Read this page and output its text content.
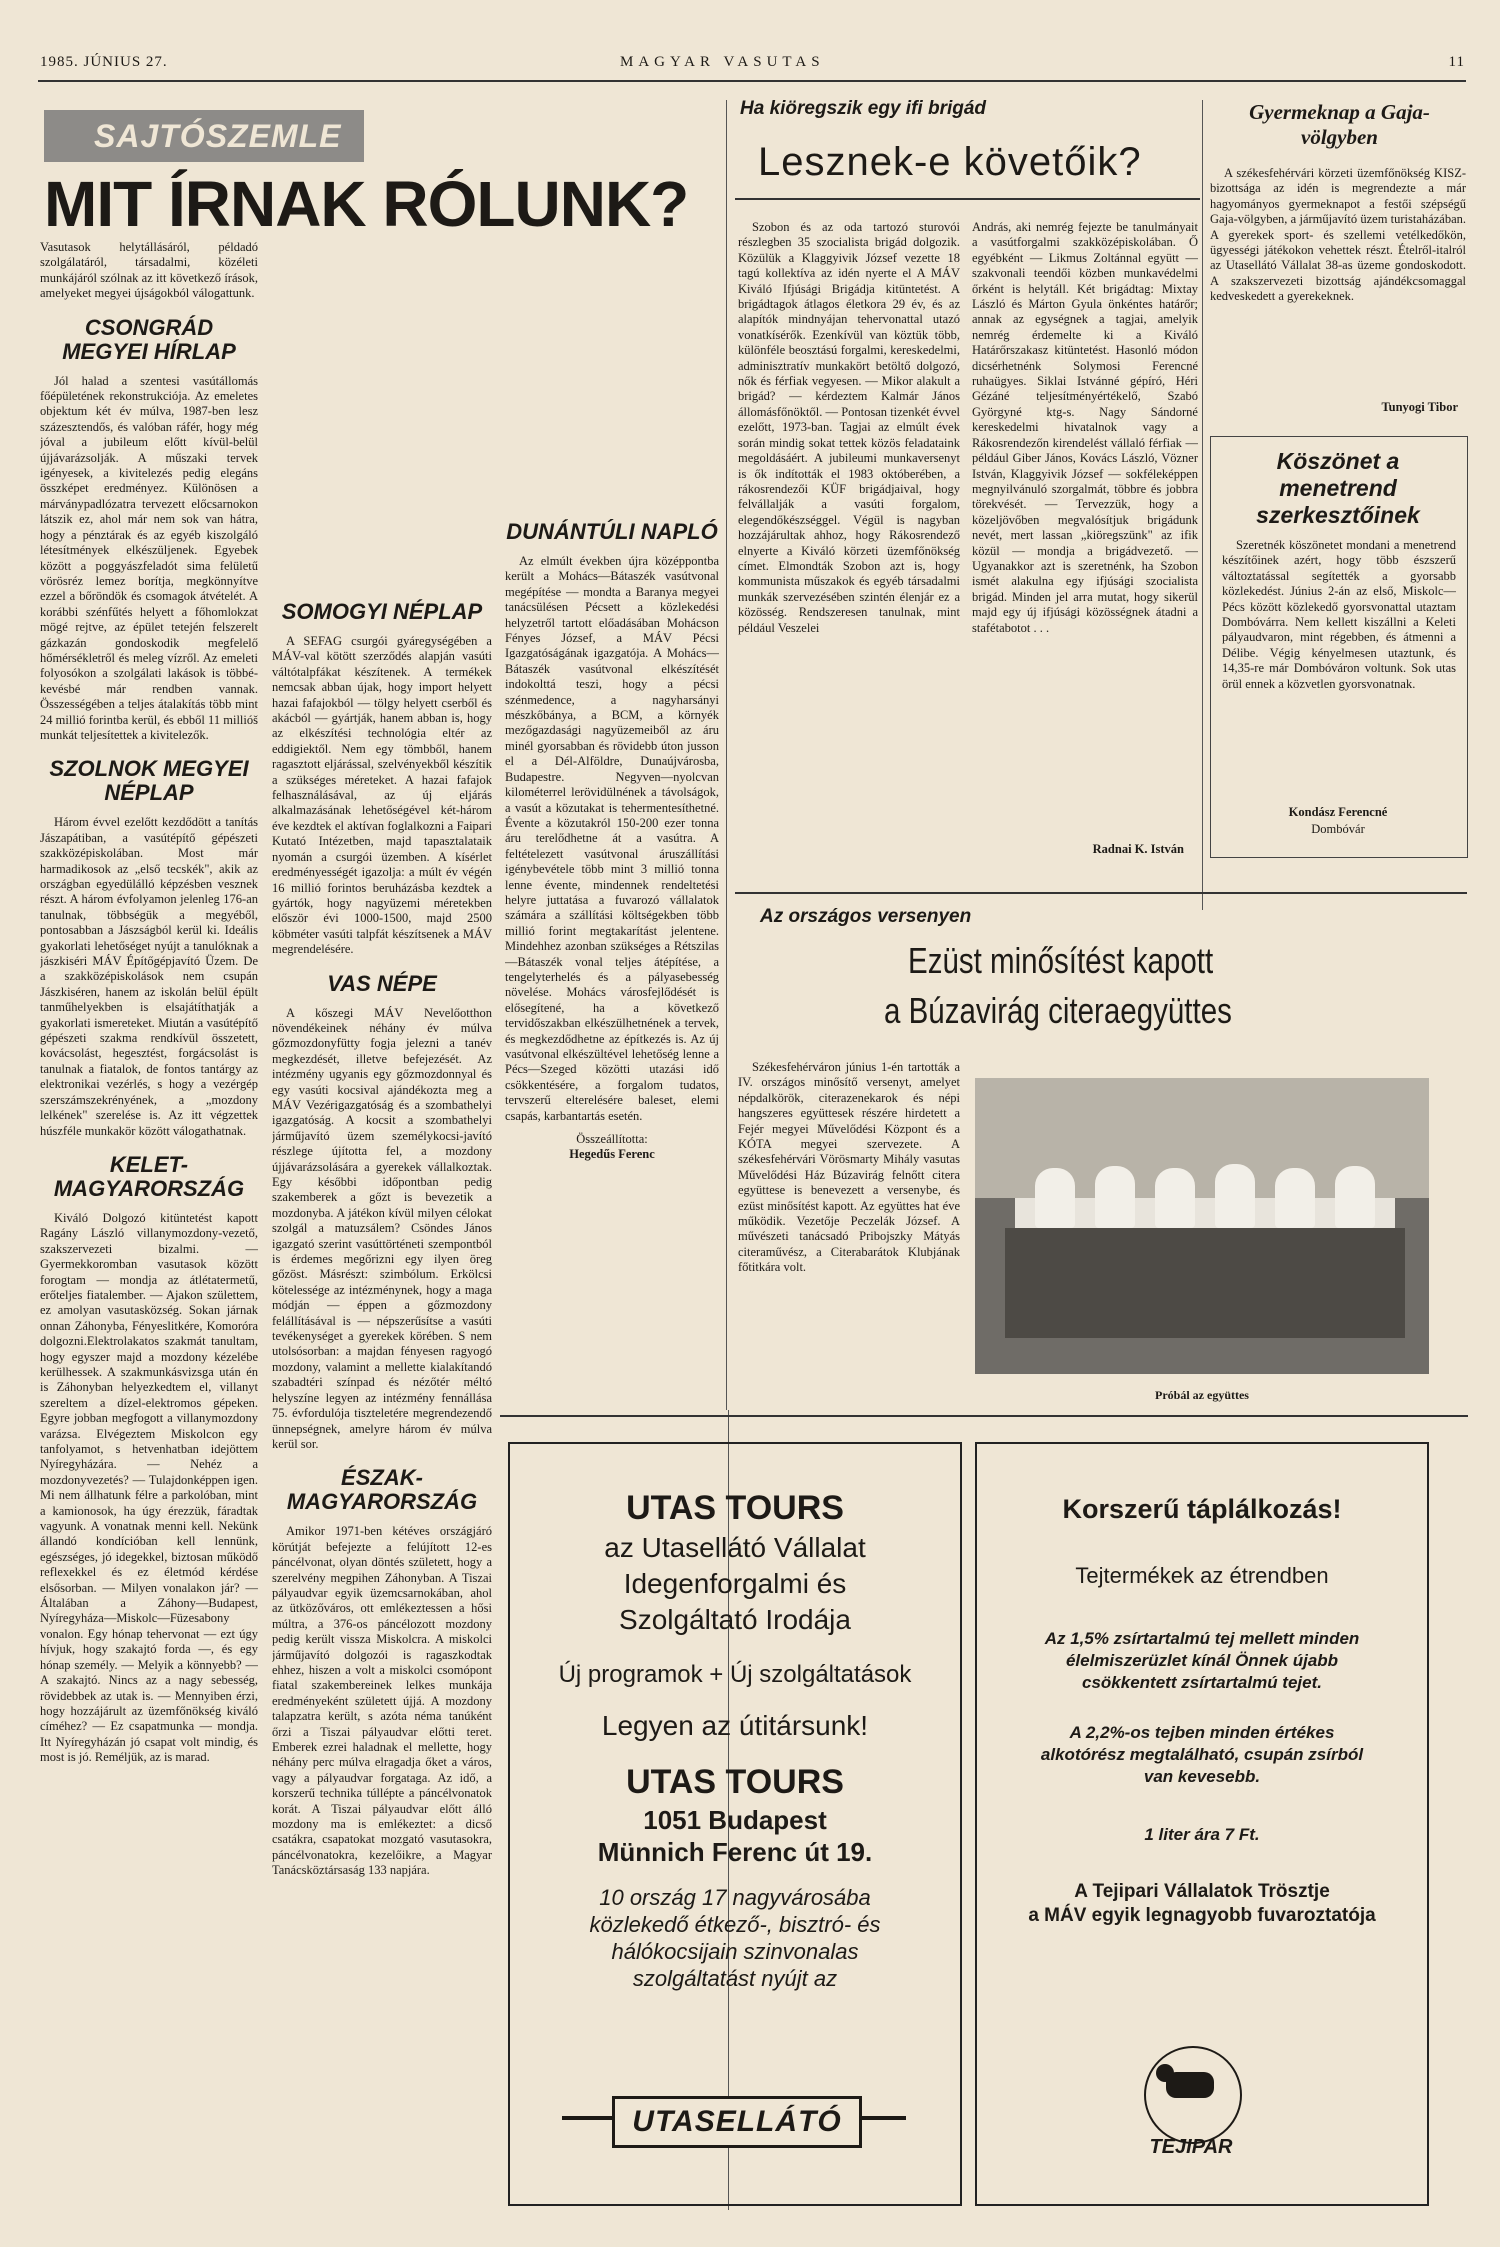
1985. JÚNIUS 27.	MAGYAR VASUTAS	11
SAJTÓSZEMLE
MIT ÍRNAK RÓLUNK?

Vasutasok helytállásáról, példadó szolgálatáról, társadalmi, közéleti munkájáról szólnak az itt következő írások, amelyeket megyei újságokból válogattunk.

CSONGRÁD MEGYEI HÍRLAP

Jól halad a szentesi vasútállomás főépületének rekonstrukciója. Az emeletes objektum két év múlva, 1987-ben lesz százesztendős, és valóban ráfér, hogy még jóval a jubileum előtt kívül-belül újjávarázsolják. A műszaki tervek igényesek, a kivitelezés pedig elegáns összképet eredményez. Különösen a márványpadlózatra tervezett előcsarnokon látszik ez, ahol már nem sok van hátra, hogy a pénztárak és az egyéb kiszolgáló létesítmények elkészüljenek. Egyebek között a poggyászfeladót sima felületű vörösréz lemez borítja, megkönnyítve ezzel a bőröndök és csomagok átvételét. A korábbi szénfűtés helyett a főhomlokzat mögé rejtve, az épület tetején felszerelt gázkazán gondoskodik megfelelő hőmérsékletről és meleg vízről. Az emeleti folyosókon a szolgálati lakások is többé-kevésbé már rendben vannak. Összességében a teljes átalakítás több mint 24 millió forintba kerül, és ebből 11 millióš munkát teljesítettek a kivitelezők.

SZOLNOK MEGYEI NÉPLAP

Három évvel ezelőtt kezdődött a tanítás Jászapátiban, a vasútépítő gépészeti szakközépiskolában. Most már harmadikosok az „első tecskék", akik az országban egyedülálló képzésben vesznek részt. A három évfolyamon jelenleg 176-an tanulnak, többségük a megyéből, pontosabban a Jászságból kerül ki. Ideális gyakorlati lehetőséget nyújt a tanulóknak a jászkiséri MÁV Építőgépjavító Üzem. De a szakközépiskolások nem csupán Jászkiséren, hanem az iskolán belül épült tanműhelyekben is elsajátíthatják a gyakorlati ismereteket. Miután a vasútépítő gépészeti szakma rendkívül összetett, kovácsolást, hegesztést, forgácsolást is tanulnak a fiatalok, de fontos tantárgy az elektronikai vezérlés, s hogy a vezérgép szerszámszekrényének, a „mozdony lelkének" szerelése is. Az itt végzettek húszféle munkakör között válogathatnak.

KELET-MAGYARORSZÁG

Kiváló Dolgozó kitüntetést kapott Ragány László villanymozdony-vezető, szakszervezeti bizalmi. — Gyermekkoromban vasutasok között forogtam — mondja az átlétatermetű, erőteljes fiatalember. — Ajakon születtem, ez amolyan vasutasközség. Sokan járnak onnan Záhonyba, Fényeslitkére, Komoróra dolgozni.Elektrolakatos szakmát tanultam, hogy egyszer majd a mozdony kézelébe kerülhessek. A szakmunkásvizsga után én is Záhonyban helyezkedtem el, villanyt szereltem a dízel-elektromos gépeken. Egyre jobban megfogott a villanymozdony varázsa. Elvégeztem Miskolcon egy tanfolyamot, s hetvenhatban idejöttem Nyíregyházára. — Nehéz a mozdonyvezetés? — Tulajdonképpen igen. Mi nem állhatunk félre a parkolóban, mint a kamionosok, ha úgy érezzük, fáradtak vagyunk. A vonatnak menni kell. Nekünk állandó kondícióban kell lennünk, egészséges, jó idegekkel, biztosan működő reflexekkel és ez életmód kérdése elsősorban. — Milyen vonalakon jár? — Általában a Záhony—Budapest, Nyíregyháza—Miskolc—Füzesabony vonalon. Egy hónap tehervonat — ezt úgy hívjuk, hogy szakajtó forda —, és egy hónap személy. — Melyik a könnyebb? — A szakajtó. Nincs az a nagy sebesség, rövidebbek az utak is. — Mennyiben érzi, hogy hozzájárult az üzemfőnökség kiváló címéhez? — Ez csapatmunka — mondja. Itt Nyíregyházán jó csapat volt mindig, és most is jó. Reméljük, az is marad.

SOMOGYI NÉPLAP

A SEFAG csurgói gyáregységében a MÁV-val kötött szerződés alapján vasúti váltótalpfákat készítenek. A termékek nemcsak abban újak, hogy import helyett hazai fafajokból — tölgy helyett cserből és akácból — gyártják, hanem abban is, hogy az elkészítési technológia eltér az eddigiektől. Nem egy tömbből, hanem ragasztott eljárással, szelvényekből készítik a szükséges méreteket. A hazai fafajok felhasználásával, az új eljárás alkalmazásának lehetőségével két-három éve kezdtek el aktívan foglalkozni a Faipari Kutató Intézetben, majd tapasztalataik nyomán a csurgói üzemben. A kísérlet eredményességét igazolja: a múlt év végén 16 millió forintos beruházásba kezdtek a gyártók, hogy nagyüzemi méretekben először évi 1000-1500, majd 2500 köbméter vasúti talpfát készítsenek a MÁV megrendelésére.

VAS NÉPE

A kőszegi MÁV Nevelőotthon növendékeinek néhány év múlva gőzmozdonyfütty fogja jelezni a tanév megkezdését, illetve befejezését. Az intézmény ugyanis egy gőzmozdonnyal és egy vasúti kocsival ajándékozta meg a MÁV Vezérigazgatóság és a szombathelyi igazgatóság. A kocsit a szombathelyi járműjavító üzem személykocsi-javító részlege újította fel, a mozdony újjávarázsolására a gyerekek vállalkoztak. Egy későbbi időpontban pedig szakemberek a gőzt is bevezetik a mozdonyba. A játékon kívül milyen célokat szolgál a matuzsálem? Csöndes János igazgató szerint vasúttörténeti szempontból is érdemes megőrizni egy ilyen öreg gőzöst. Másrészt: szimbólum. Erkölcsi kötelessége az intézménynek, hogy a maga módján — éppen a gőzmozdony felállításával is — népszerűsítse a vasúti tevékenységet a gyerekek körében. S nem utolsósorban: a majdan fényesen ragyogó mozdony, valamint a mellette kialakítandó szabadtéri színpad és nézőtér méltó helyszíne legyen az intézmény fennállása 75. évfordulója tiszteletére megrendezendő ünnepségnek, amelyre három év múlva kerül sor.

ÉSZAK-MAGYARORSZÁG

Amikor 1971-ben kétéves országjáró körútját befejezte a felújított 12-es páncélvonat, olyan döntés született, hogy a szerelvény megpihen Záhonyban. A Tiszai pályaudvar egyik üzemcsarnokában, ahol az ütközőváros, ott emlékeztessen a hősi múltra, a 376-os páncélozott mozdony pedig került vissza Miskolcra. A miskolci járműjavító dolgozói is ragaszkodtak ehhez, hiszen a volt a miskolci csomópont fiatal szakembereinek lelkes munkája eredményeként született újjá. A mozdony talapzatra került, s azóta néma tanúként őrzi a Tiszai pályaudvar előtti teret. Emberek ezrei haladnak el mellette, hogy néhány perc múlva elragadja őket a város, vagy a pályaudvar forgataga. Az idő, a korszerű technika túllépte a páncélvonatok korát. A Tiszai pályaudvar előtt álló mozdony ma is emlékeztet: a dicső csatákra, csapatokat mozgató vasutasokra, páncélvonatokra, kezelőikre, a Magyar Tanácsköztársaság 133 napjára.

DUNÁNTÚLI NAPLÓ

Az elmúlt években újra középpontba került a Mohács—Bátaszék vasútvonal megépítése — mondta a Baranya megyei tanácsülésen Pécsett a közlekedési helyzetről tartott előadásában Mohácson Fényes József, a MÁV Pécsi Igazgatóságának igazgatója. A Mohács—Bátaszék vasútvonal elkészítését indokolttá teszi, hogy a pécsi szénmedence, a nagyharsányi mészkőbánya, a BCM, a környék mezőgazdasági nagyüzemeiből az áru minél gyorsabban és rövidebb úton jusson el a Dél-Alföldre, Dunaújvárosba, Budapestre. Negyven—nyolcvan kilométerrel lerövidülnének a távolságok, a vasút a közutakat is tehermentesíthetné. Évente a közutakról 150-200 ezer tonna áru terelődhetne át a vasútra. A feltételezett vasútvonal áruszállítási igénybevétele több mint 3 millió tonna lenne évente, mindennek rendeltetési helyre juttatása a fuvarozó vállalatok számára a szállítási költségekben több millió forint megtakarítást jelentene. Mindehhez azonban szükséges a Rétszilas—Bátaszék vonal teljes átépítése, a tengelyterhelés és a pályasebesség növelése. Mohács városfejlődését is elősegítené, ha a következő tervidőszakban elkészülhetnének a tervek, és megkezdődhetne az építkezés is. Az új vasútvonal elkészültével lehetőség lenne a Pécs—Szeged közötti utazási idő csökkentésére, a forgalom tudatos, tervszerű elterelésére baleset, elemi csapás, karbantartás esetén.

Összeállította:
Hegedűs Ferenc
Ha kiöregszik egy ifi brigád
Lesznek-e követőik?

Szobon és az oda tartozó sturovói részlegben 35 szocialista brigád dolgozik. Közülük a Klaggyivik József vezette 18 tagú kollektíva az idén nyerte el A MÁV Kiváló Ifjúsági Brigádja kitüntetést. A brigádtagok átlagos életkora 29 év, és az alapítók mindnyájan tehervonattal utazó vonatkísérők. Ezenkívül van köztük több, különféle beosztású forgalmi, kereskedelmi, adminisztratív munkakört betöltő dolgozó, nők és férfiak vegyesen. — Mikor alakult a brigád? — kérdeztem Kalmár János állomásfőnöktől. — Pontosan tizenkét évvel ezelőtt, 1973-ban. Tagjai az elmúlt évek során mindig sokat tettek közös feladataink megoldásáért. A jubileumi munkaversenyt is ők indították el 1983 októberében, a rákosrendezői KÜF brigádjaival, hogy felvállalják a vasúti forgalom, elegendőkészséggel. Végül is nagyban hozzájárultak ahhoz, hogy Rákosrendező elnyerte a Kiváló körzeti üzemfőnökség címet. Elmondták Szobon azt is, hogy kommunista műszakok és egyéb társadalmi munkák szervezésében szintén élenjár ez a közösség. Rendszeresen tanulnak, mint például Veszelei

András, aki nemrég fejezte be tanulmányait a vasútforgalmi szakközépiskolában. Ő egyébként — Likmus Zoltánnal együtt — szakvonali teendői közben munkavédelmi őrként is helytáll. Két brigádtag: Mixtay László és Márton Gyula önkéntes határőr; annak az egységnek a tagjai, amelyik nemrég érdemelte ki a Kiváló Határőrszakasz kitüntetést. Hasonló módon dicsérhetnénk Solymosi Ferencné ruhaügyes. Siklai Istvánné gépíró, Héri Gézáné teljesítményértékelő, Szabó Györgyné ktg-s. Nagy Sándorné kereskedelmi hivatalnok vagy a Rákosrendezőn kirendelést vállaló férfiak — például Giber János, Kovács László, Vözner István, Klaggyivik József — sokféleképpen megnyilvánuló szorgalmát, többre és jobbra törekvését. — Tervezzük, hogy a közeljövőben megvalósítjuk brigádunk nevét, mert lassan „kiöregszünk" az ifik közül — mondja a brigádvezető. — Ugyanakkor azt is szeretnénk, ha Szobon ismét alakulna egy ifjúsági szocialista brigád. Minden jel arra mutat, hogy sikerül majd egy új ifjúsági közösségnek átadni a stafétabotot . . .

Radnai K. István
Gyermeknap a Gaja-völgyben

A székesfehérvári körzeti üzemfőnökség KISZ-bizottsága az idén is megrendezte a már hagyományos gyermeknapot a festői szépségű Gaja-völgyben, a járműjavító üzem turistaházában. A gyerekek sport- és szellemi vetélkedőkön, ügyességi játékokon vehettek részt. Ételről-italról az Utasellátó Vállalat 38-as üzeme gondoskodott. A szakszervezeti bizottság ajándékcsomaggal kedveskedett a gyerekeknek.

Tunyogi Tibor
Köszönet a menetrend szerkesztőinek

Szeretnék köszönetet mondani a menetrend készítőinek azért, hogy több észszerű változtatással segítették a gyorsabb közlekedést. Június 2-án az első, Miskolc—Pécs között közlekedő gyorsvonattal utaztam Dombóvárra. Nem kellett kiszállni a Keleti pályaudvaron, mint régebben, és átmenni a Délibe. Végig kényelmesen utaztunk, és 14,35-re már Dombóváron voltunk. Sok utas örül ennek a közvetlen gyorsvonatnak.

Kondász Ferencné
Dombóvár
Az országos versenyen
Ezüst minősítést kapott
a Búzavirág citeraegyüttes

Székesfehérváron június 1-én tartották a IV. országos minősítő versenyt, amelyet népdalkörök, citerazenekarok és népi hangszeres együttesek részére hirdetett a Fejér megyei Művelődési Központ és a KÓTA megyei szervezete. A székesfehérvári Vörösmarty Mihály vasutas Művelődési Ház Búzavirág felnőtt citera együttese is benevezett a versenybe, és ezüst minősítést kapott. Az együttes hat éve működik. Vezetője Peczelák József. A művészeti tanácsadó Pribojszky Mátyás citeraművész, a Citerabarátok Klubjának főtitkára volt.

Próbál az együttes
UTAS TOURS
az Utasellátó Vállalat
Idegenforgalmi és
Szolgáltató Irodája
Új programok + Új szolgáltatások
Legyen az útitársunk!
UTAS TOURS
1051 Budapest
Münnich Ferenc út 19.
10 ország 17 nagyvárosába közlekedő étkező-, bisztró- és hálókocsijain szinvonalas szolgáltatást nyújt az
UTASELLÁTÓ
Korszerű táplálkozás!
Tejtermékek az étrendben
Az 1,5% zsírtartalmú tej mellett minden élelmiszerüzlet kínál Önnek újabb csökkentett zsírtartalmú tejet.
A 2,2%-os tejben minden értékes alkotórész megtalálható, csupán zsírból van kevesebb.
1 liter ára 7 Ft.
A Tejipari Vállalatok Trösztje
a MÁV egyik legnagyobb fuvaroztatója
TEJIPAR
